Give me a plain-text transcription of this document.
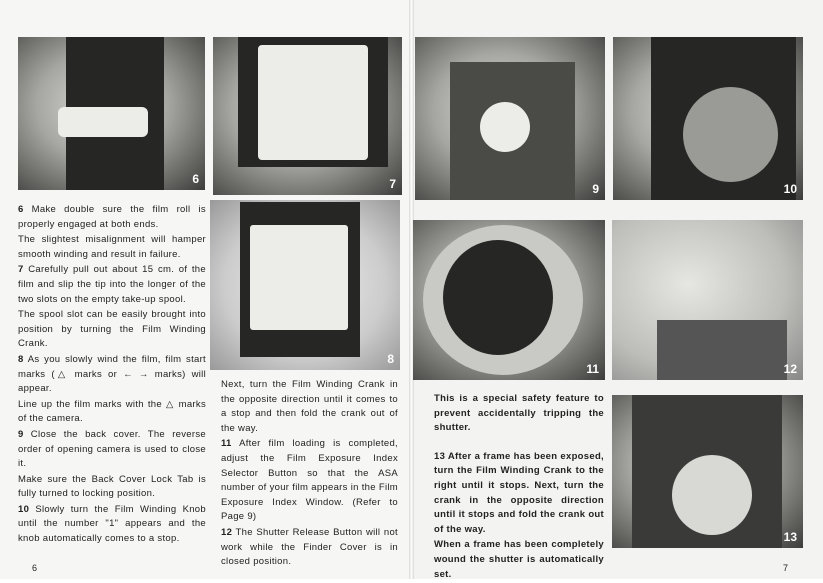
6	7
8
9	10
11	12
13

6 Make double sure the film roll is properly engaged at both ends.

The slightest misalignment will hamper smooth winding and result in failure.

7 Carefully pull out about 15 cm. of the film and slip the tip into the longer of the two slots on the empty take-up spool.

The spool slot can be easily brought into position by turning the Film Winding Crank.

8 As you slowly wind the film, film start marks (△ marks or ← → marks) will appear.

Line up the film marks with the △ marks of the camera.

9 Close the back cover. The reverse order of opening camera is used to close it.

Make sure the Back Cover Lock Tab is fully turned to locking position.

10 Slowly turn the Film Winding Knob until the number "1" appears and the knob automatically comes to a stop.

Next, turn the Film Winding Crank in the opposite direction until it comes to a stop and then fold the crank out of the way.

11 After film loading is completed, adjust the Film Exposure Index Selector Button so that the ASA number of your film appears in the Film Exposure Index Window. (Refer to Page 9)

12 The Shutter Release Button will not work while the Finder Cover is in closed position.

This is a special safety feature to prevent accidentally tripping the shutter.

13 After a frame has been exposed, turn the Film Winding Crank to the right until it stops. Next, turn the crank in the opposite direction until it stops and fold the crank out of the way.

When a frame has been completely wound the shutter is automatically set.

6	7
